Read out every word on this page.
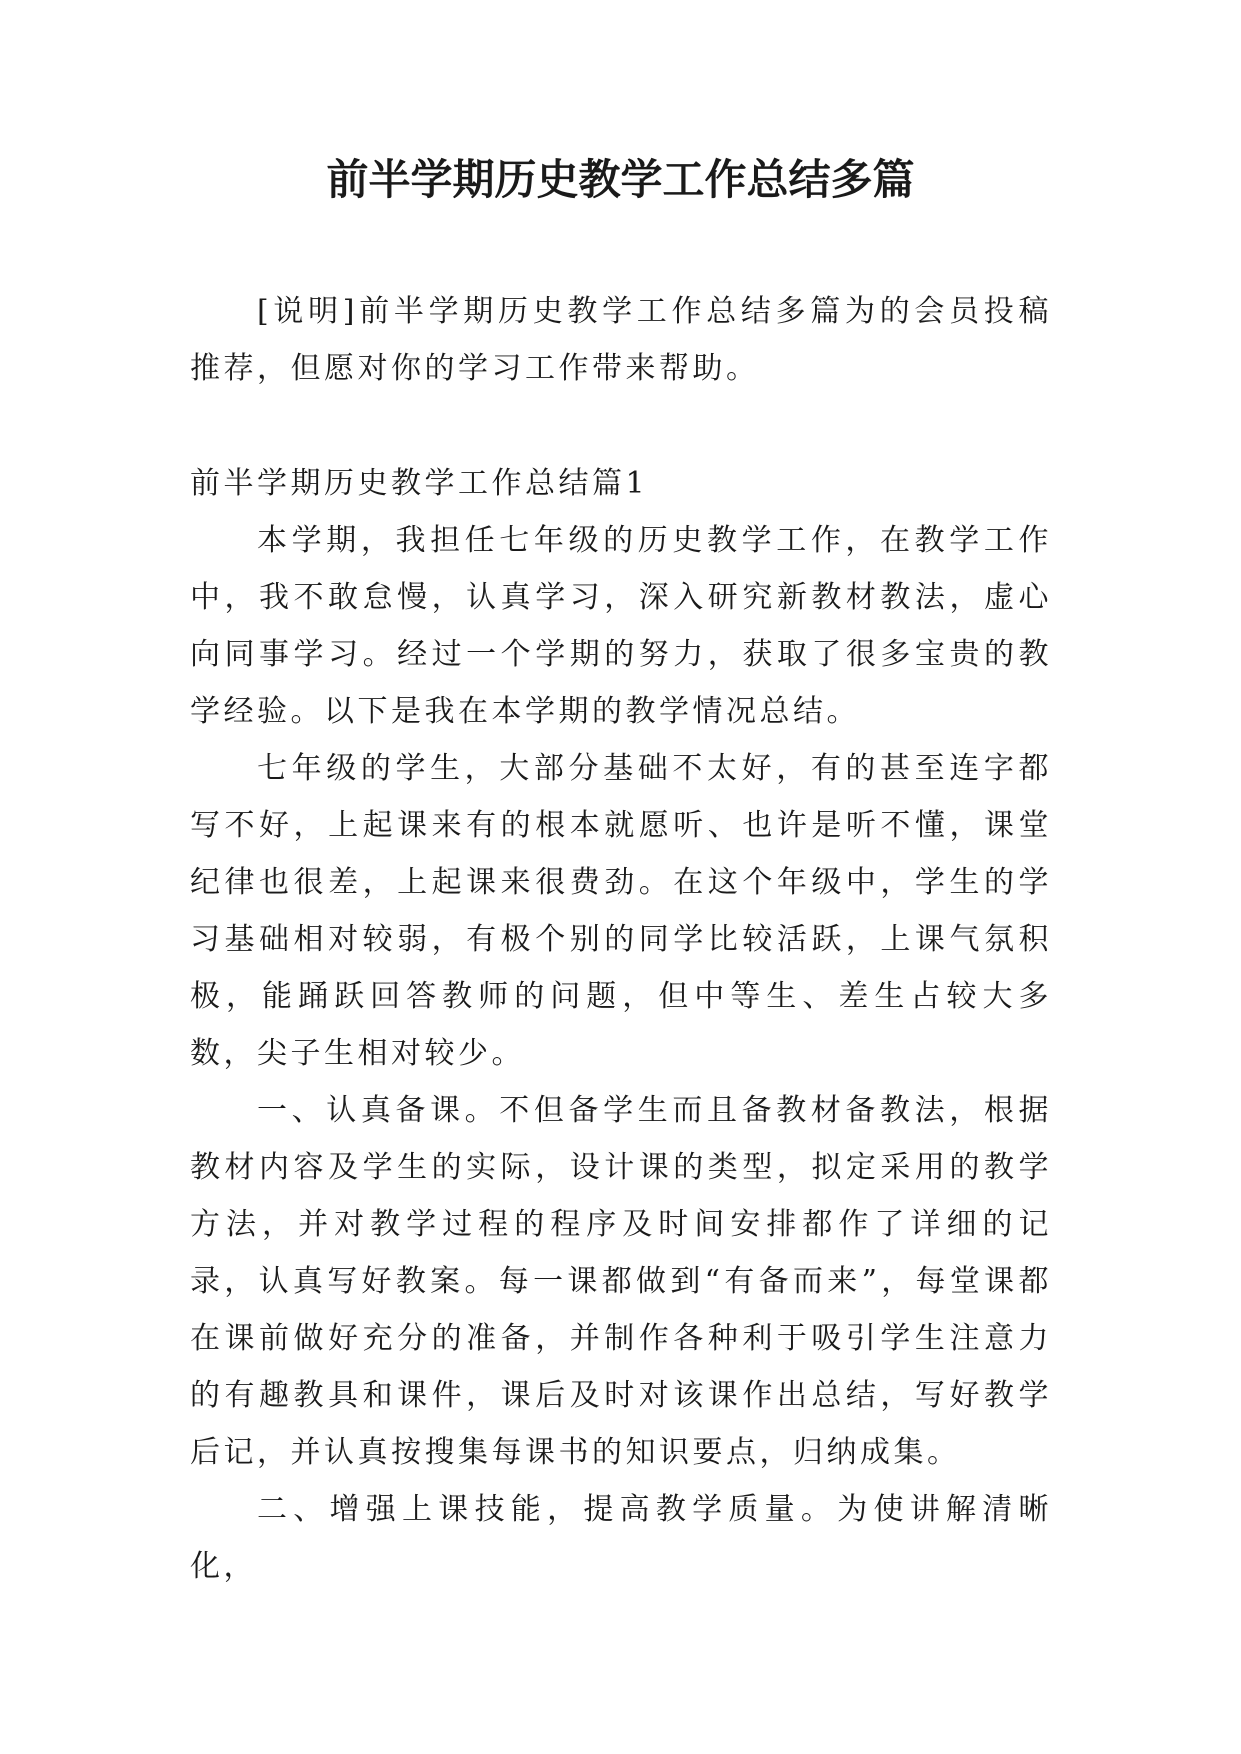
前半学期历史教学工作总结多篇

[说明]前半学期历史教学工作总结多篇为的会员投稿推荐，但愿对你的学习工作带来帮助。

前半学期历史教学工作总结篇1

本学期，我担任七年级的历史教学工作，在教学工作中，我不敢怠慢，认真学习，深入研究新教材教法，虚心向同事学习。经过一个学期的努力，获取了很多宝贵的教学经验。以下是我在本学期的教学情况总结。

七年级的学生，大部分基础不太好，有的甚至连字都写不好，上起课来有的根本就愿听、也许是听不懂，课堂纪律也很差，上起课来很费劲。在这个年级中，学生的学习基础相对较弱，有极个别的同学比较活跃，上课气氛积极，能踊跃回答教师的问题，但中等生、差生占较大多数，尖子生相对较少。

一、认真备课。不但备学生而且备教材备教法，根据教材内容及学生的实际，设计课的类型，拟定采用的教学方法，并对教学过程的程序及时间安排都作了详细的记录，认真写好教案。每一课都做到“有备而来”，每堂课都在课前做好充分的准备，并制作各种利于吸引学生注意力的有趣教具和课件，课后及时对该课作出总结，写好教学后记，并认真按搜集每课书的知识要点，归纳成集。

二、增强上课技能，提高教学质量。为使讲解清晰化，
